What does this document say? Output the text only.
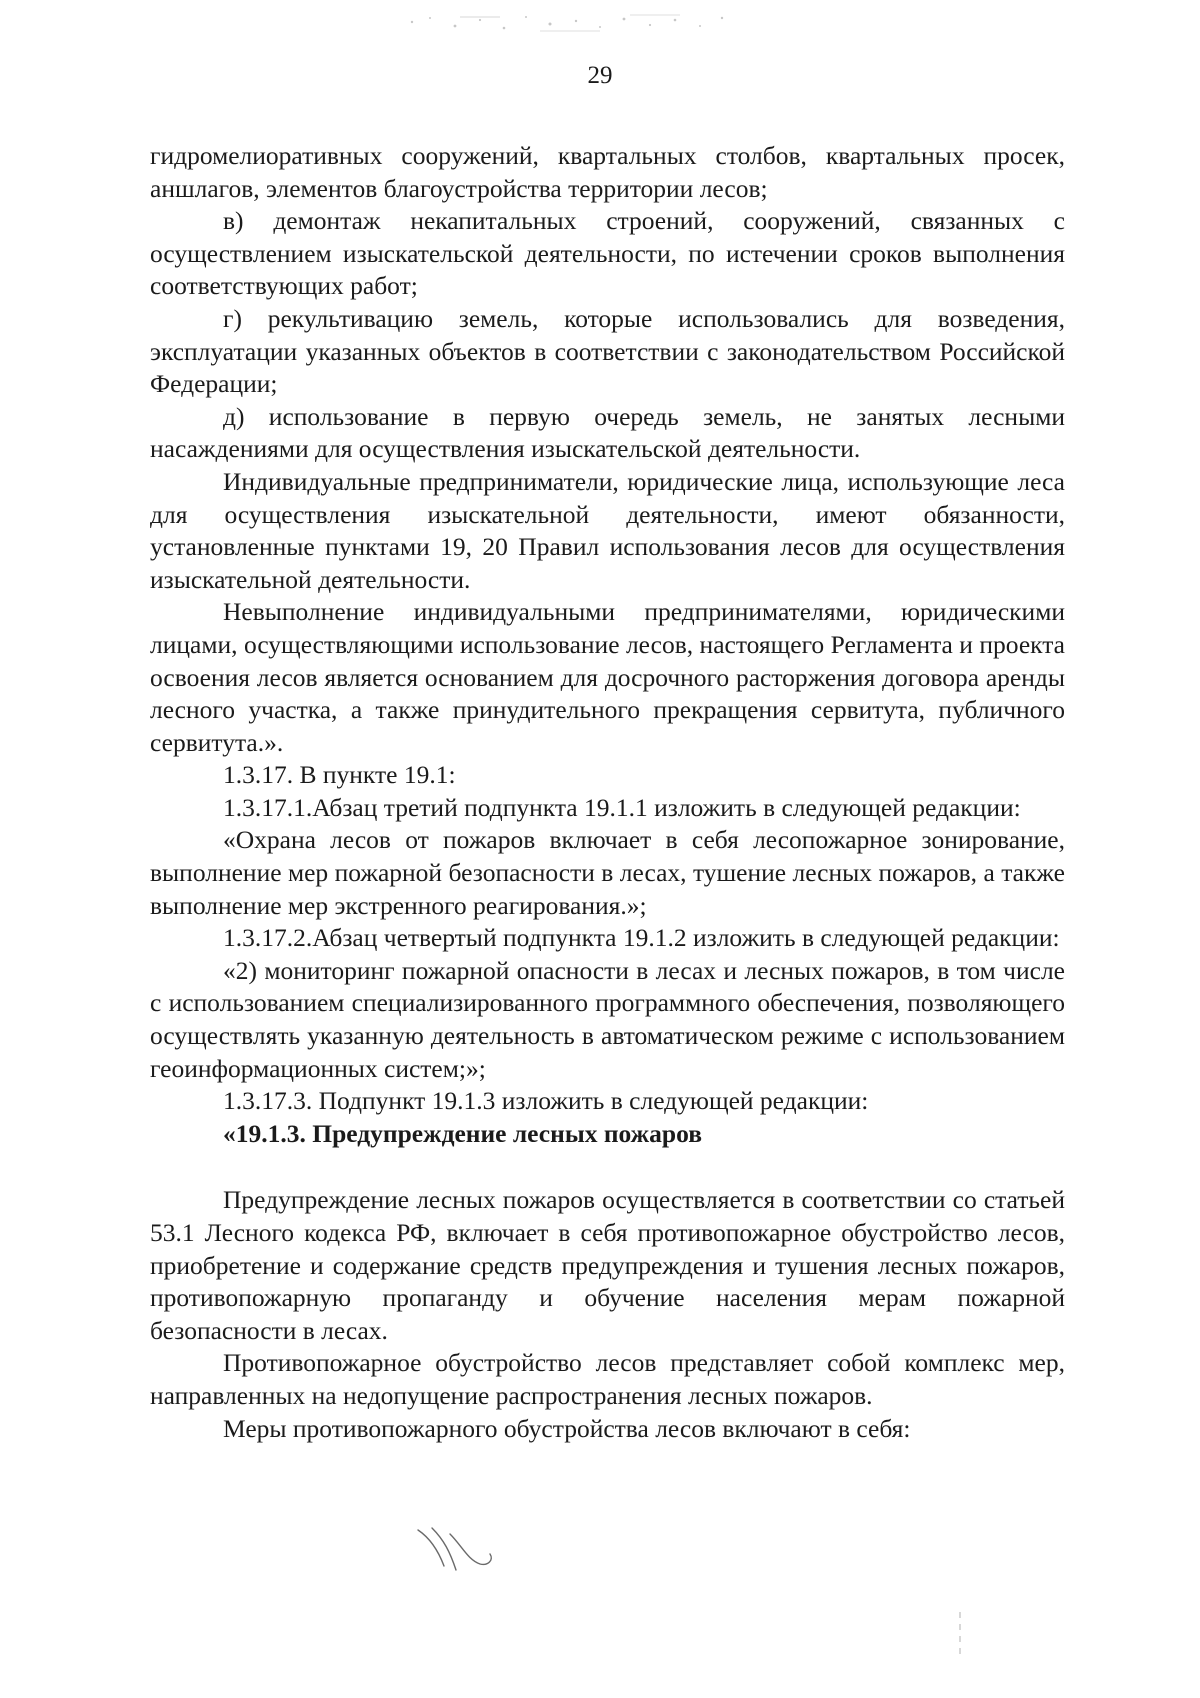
29

гидромелиоративных сооружений, квартальных столбов, квартальных просек, аншлагов, элементов благоустройства территории лесов;

в) демонтаж некапитальных строений, сооружений, связанных с осуществлением изыскательской деятельности, по истечении сроков выполнения соответствующих работ;

г) рекультивацию земель, которые использовались для возведения, эксплуатации указанных объектов в соответствии с законодательством Российской Федерации;

д) использование в первую очередь земель, не занятых лесными насаждениями для осуществления изыскательской деятельности.

Индивидуальные предприниматели, юридические лица, использующие леса для осуществления изыскательной деятельности, имеют обязанности, установленные пунктами 19, 20 Правил использования лесов для осуществления изыскательной деятельности.

Невыполнение индивидуальными предпринимателями, юридическими лицами, осуществляющими использование лесов, настоящего Регламента и проекта освоения лесов является основанием для досрочного расторжения договора аренды лесного участка, а также принудительного прекращения сервитута, публичного сервитута.».

1.3.17. В пункте 19.1:

1.3.17.1.Абзац третий подпункта 19.1.1 изложить в следующей редакции:

«Охрана лесов от пожаров включает в себя лесопожарное зонирование, выполнение мер пожарной безопасности в лесах, тушение лесных пожаров, а также выполнение мер экстренного реагирования.»;

1.3.17.2.Абзац четвертый подпункта 19.1.2 изложить в следующей редакции:

«2) мониторинг пожарной опасности в лесах и лесных пожаров, в том числе с использованием специализированного программного обеспечения, позволяющего осуществлять указанную деятельность в автоматическом режиме с использованием геоинформационных систем;»;

1.3.17.3. Подпункт 19.1.3 изложить в следующей редакции:

«19.1.3. Предупреждение лесных пожаров

Предупреждение лесных пожаров осуществляется в соответствии со статьей 53.1 Лесного кодекса РФ, включает в себя противопожарное обустройство лесов, приобретение и содержание средств предупреждения и тушения лесных пожаров, противопожарную пропаганду и обучение населения мерам пожарной безопасности в лесах.

Противопожарное обустройство лесов представляет собой комплекс мер, направленных на недопущение распространения лесных пожаров.

Меры противопожарного обустройства лесов включают в себя:
